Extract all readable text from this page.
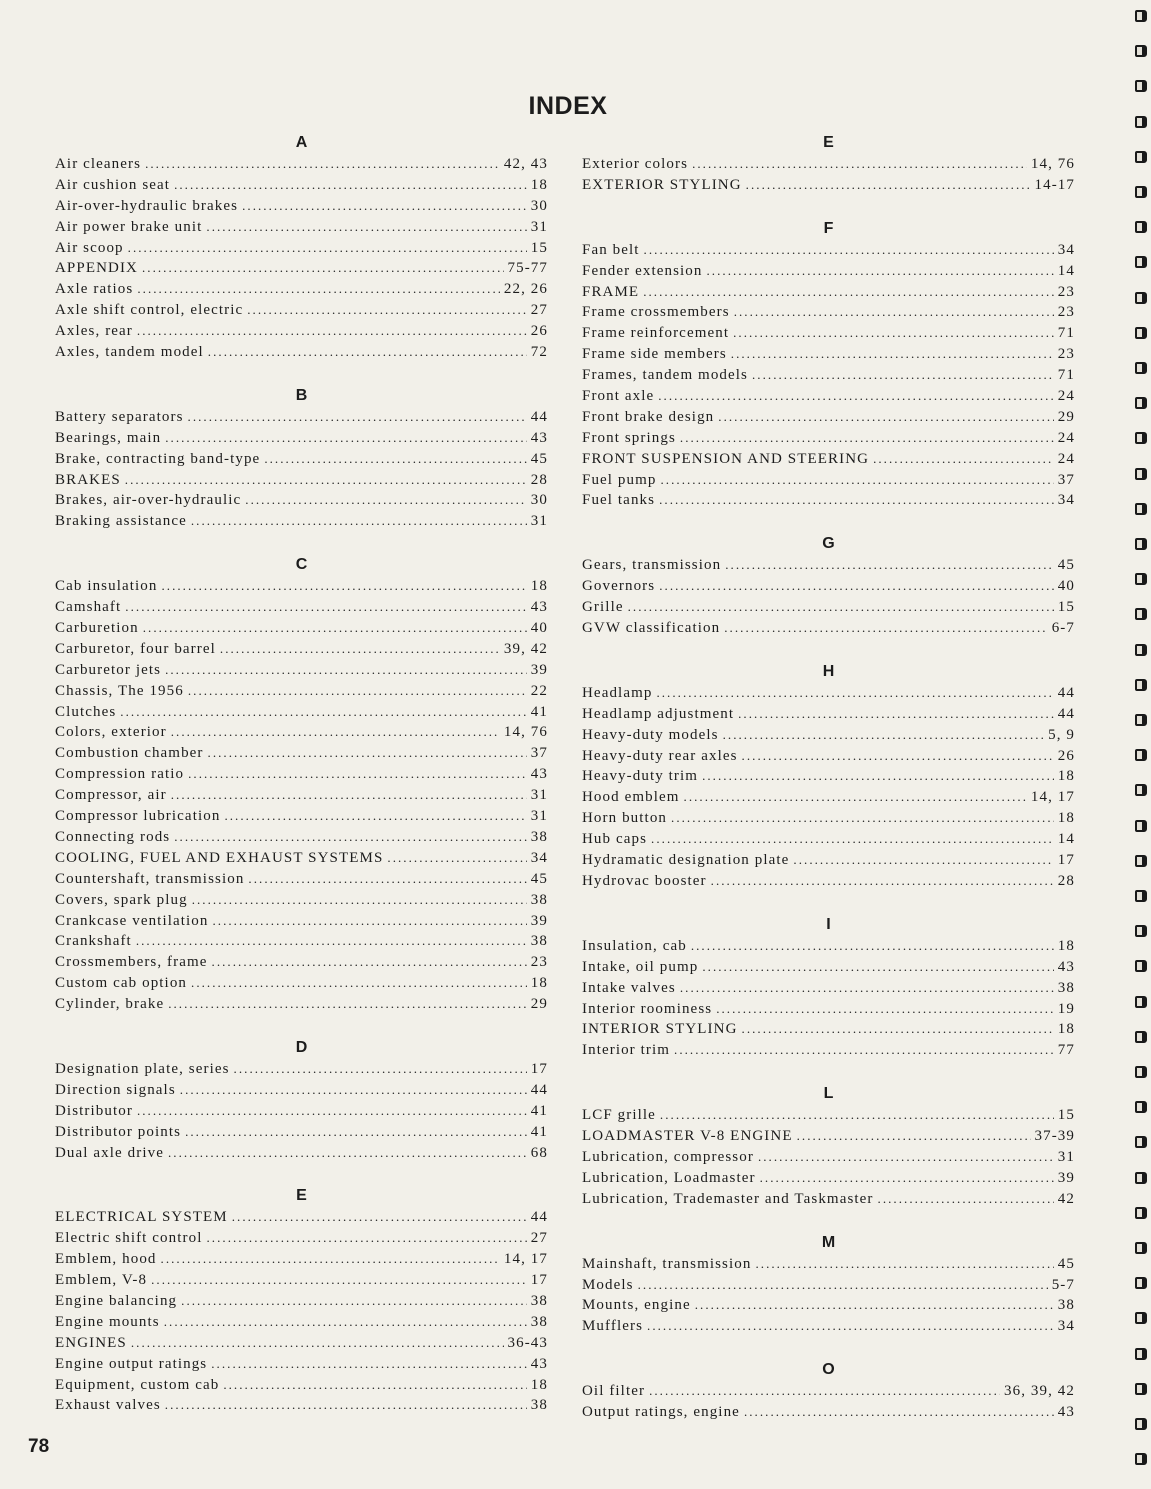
INDEX
A
Air cleaners . . .	42, 43
Air cushion seat . . .	18
Air-over-hydraulic brakes . . .	30
Air power brake unit . . .	31
Air scoop . . .	15
APPENDIX . . .	75-77
Axle ratios . . .	22, 26
Axle shift control, electric . . .	27
Axles, rear . . .	26
Axles, tandem model . . .	72
B
Battery separators . . .	44
Bearings, main . . .	43
Brake, contracting band-type . . .	45
BRAKES . . .	28
Brakes, air-over-hydraulic . . .	30
Braking assistance . . .	31
C
Cab insulation . . .	18
Camshaft . . .	43
Carburetion . . .	40
Carburetor, four barrel . . .	39, 42
Carburetor jets . . .	39
Chassis, The 1956 . . .	22
Clutches . . .	41
Colors, exterior . . .	14, 76
Combustion chamber . . .	37
Compression ratio . . .	43
Compressor, air . . .	31
Compressor lubrication . . .	31
Connecting rods . . .	38
COOLING, FUEL AND EXHAUST SYSTEMS . . .	34
Countershaft, transmission . . .	45
Covers, spark plug . . .	38
Crankcase ventilation . . .	39
Crankshaft . . .	38
Crossmembers, frame . . .	23
Custom cab option . . .	18
Cylinder, brake . . .	29
D
Designation plate, series . . .	17
Direction signals . . .	44
Distributor . . .	41
Distributor points . . .	41
Dual axle drive . . .	68
E
ELECTRICAL SYSTEM . . .	44
Electric shift control . . .	27
Emblem, hood . . .	14, 17
Emblem, V-8 . . .	17
Engine balancing . . .	38
Engine mounts . . .	38
ENGINES . . .	36-43
Engine output ratings . . .	43
Equipment, custom cab . . .	18
Exhaust valves . . .	38
E
Exterior colors . . .	14, 76
EXTERIOR STYLING . . .	14-17
F
Fan belt . . .	34
Fender extension . . .	14
FRAME . . .	23
Frame crossmembers . . .	23
Frame reinforcement . . .	71
Frame side members . . .	23
Frames, tandem models . . .	71
Front axle . . .	24
Front brake design . . .	29
Front springs . . .	24
FRONT SUSPENSION AND STEERING . . .	24
Fuel pump . . .	37
Fuel tanks . . .	34
G
Gears, transmission . . .	45
Governors . . .	40
Grille . . .	15
GVW classification . . .	6-7
H
Headlamp . . .	44
Headlamp adjustment . . .	44
Heavy-duty models . . .	5, 9
Heavy-duty rear axles . . .	26
Heavy-duty trim . . .	18
Hood emblem . . .	14, 17
Horn button . . .	18
Hub caps . . .	14
Hydramatic designation plate . . .	17
Hydrovac booster . . .	28
I
Insulation, cab . . .	18
Intake, oil pump . . .	43
Intake valves . . .	38
Interior roominess . . .	19
INTERIOR STYLING . . .	18
Interior trim . . .	77
L
LCF grille . . .	15
LOADMASTER V-8 ENGINE . . .	37-39
Lubrication, compressor . . .	31
Lubrication, Loadmaster . . .	39
Lubrication, Trademaster and Taskmaster . . .	42
M
Mainshaft, transmission . . .	45
Models . . .	5-7
Mounts, engine . . .	38
Mufflers . . .	34
O
Oil filter . . .	36, 39, 42
Output ratings, engine . . .	43
78
